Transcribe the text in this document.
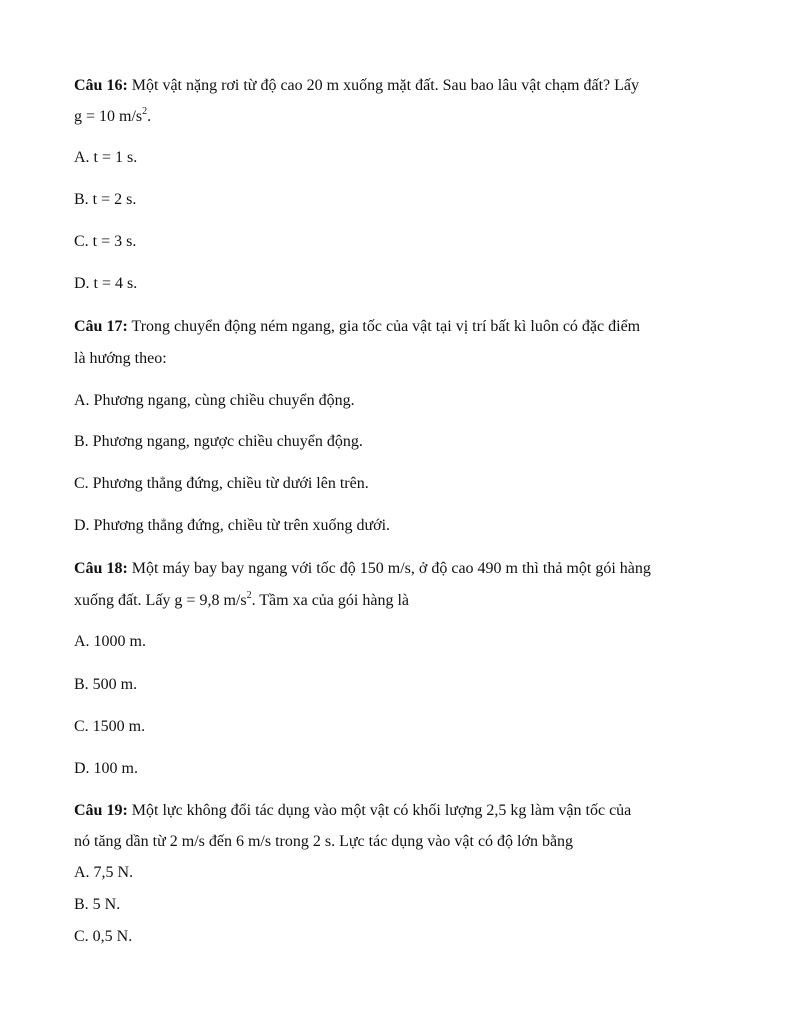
Câu 16: Một vật nặng rơi từ độ cao 20 m xuống mặt đất. Sau bao lâu vật chạm đất? Lấy
g = 10 $m/s^2$.
A. t = 1 s.
B. t = 2 s.
C. t = 3 s.
D. t = 4 s.
Câu 17: Trong chuyển động ném ngang, gia tốc của vật tại vị trí bất kì luôn có đặc điểm
là hướng theo:
A. Phương ngang, cùng chiều chuyển động.
B. Phương ngang, ngược chiều chuyển động.
C. Phương thẳng đứng, chiều từ dưới lên trên.
D. Phương thẳng đứng, chiều từ trên xuống dưới.
Câu 18: Một máy bay bay ngang với tốc độ 150 m/s, ở độ cao 490 m thì thả một gói hàng
xuống đất. Lấy g = 9,8 $m/s^2$. Tầm xa của gói hàng là
A. 1000 m.
B. 500 m.
C. 1500 m.
D. 100 m.
Câu 19: Một lực không đổi tác dụng vào một vật có khối lượng 2,5 kg làm vận tốc của
nó tăng dần từ 2 m/s đến 6 m/s trong 2 s. Lực tác dụng vào vật có độ lớn bằng
A. 7,5 N.
B. 5 N.
C. 0,5 N.
